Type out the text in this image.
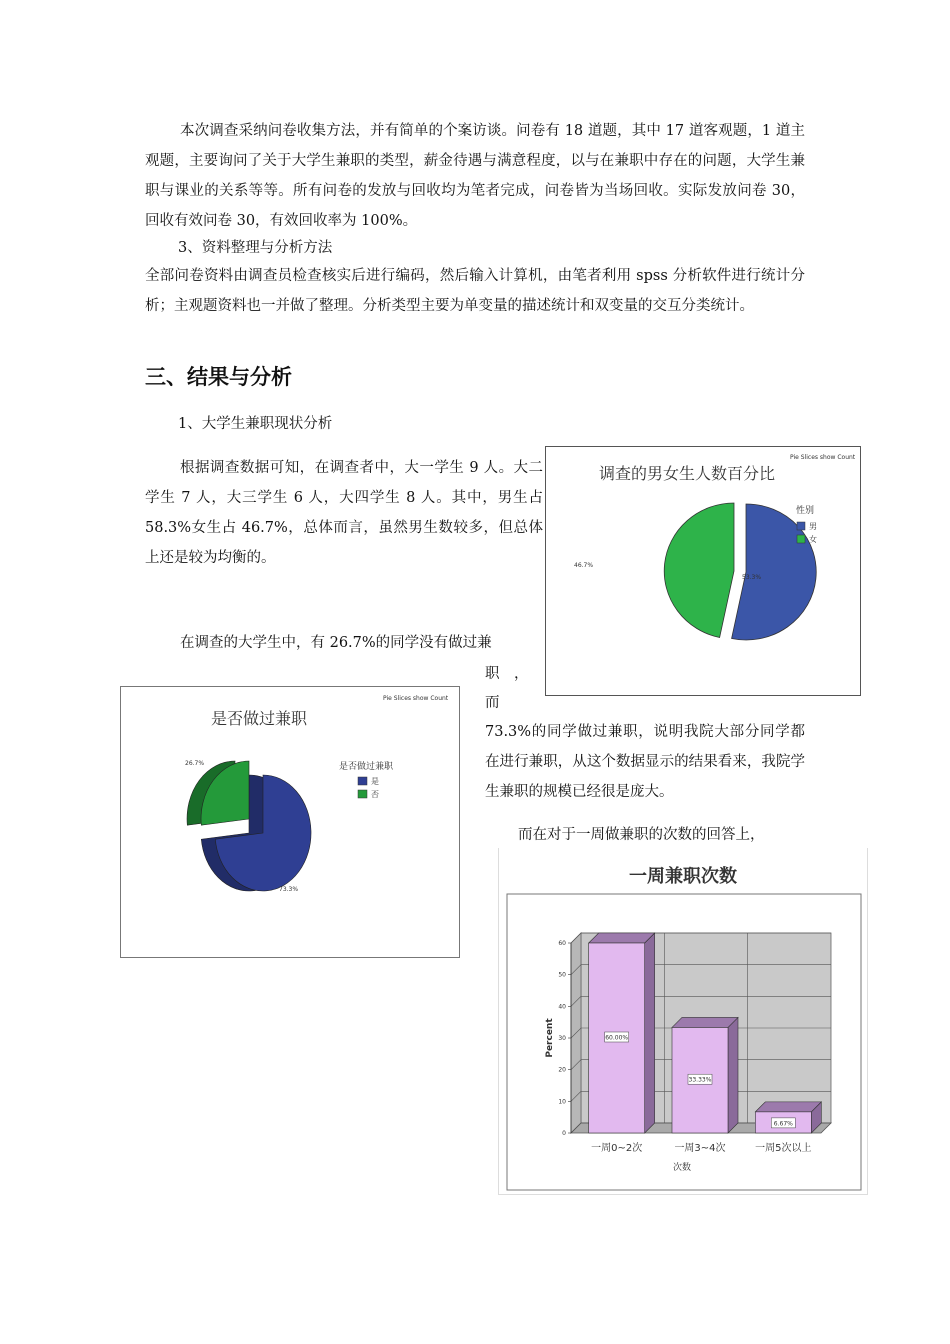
本次调查采纳问卷收集方法，并有简单的个案访谈。问卷有 18 道题，其中 17 道客观题，1 道主观题，主要询问了关于大学生兼职的类型，薪金待遇与满意程度，以与在兼职中存在的问题，大学生兼职与课业的关系等等。所有问卷的发放与回收均为笔者完成，问卷皆为当场回收。实际发放问卷 30，回收有效问卷 30，有效回收率为 100%。

3、资料整理与分析方法

全部问卷资料由调查员检查核实后进行编码，然后输入计算机，由笔者利用 spss 分析软件进行统计分析；主观题资料也一并做了整理。分析类型主要为单变量的描述统计和双变量的交互分类统计。

三、结果与分析

1、大学生兼职现状分析

根据调查数据可知，在调查者中，大一学生 9 人。大二学生 7 人，大三学生 6 人，大四学生 8 人。其中，男生占 58.3%女生占 46.7%，总体而言，虽然男生数较多，但总体上还是较为均衡的。

在调查的大学生中，有 26.7%的同学没有做过兼

职　，

而

73.3%的同学做过兼职，说明我院大部分同学都在进行兼职，从这个数据显示的结果看来，我院学生兼职的规模已经很是庞大。

而在对于一周做兼职的次数的回答上，

Pie Slices show Count
调查的男女生人数百分比
53.3%
46.7%
性别
男
女
Pie Slices show Count
是否做过兼职
73.3%
26.7%	是否做过兼职
是
否
一周兼职次数
0
10
20
30
40
50
60
60.00%
一周0~2次
33.33%
一周3~4次
6.67%
一周5次以上
Percent
次数
